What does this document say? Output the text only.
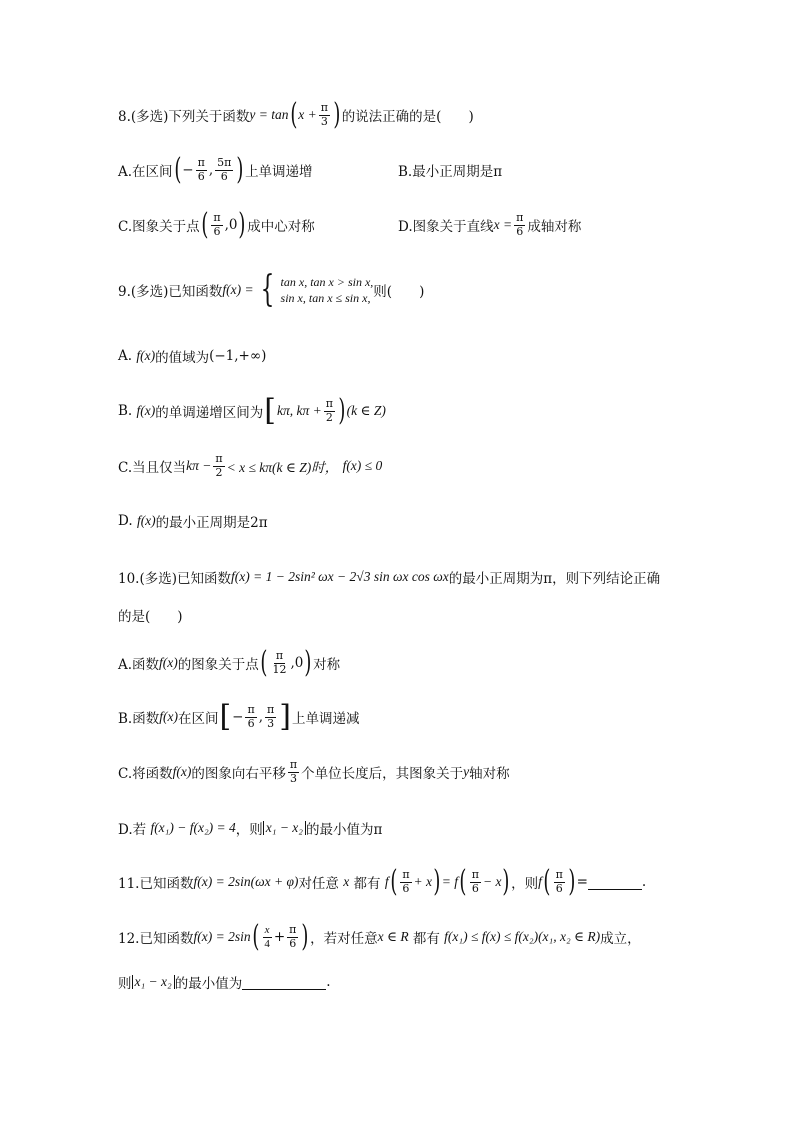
8.(多选)下列关于函数 y = tan ( $x + \frac{\pi}{3}$ ) 的说法正确的是(　　)
A.在区间 ( − $\frac{\pi}{6}$ , $\frac{5\pi}{6}$ ) 上单调递增	B.最小正周期是π
C.图象关于点 ( $\frac{\pi}{6} ,0$ ) 成中心对称	D.图象关于直线 $x = \frac{\pi}{6}$ 成轴对称
9.(多选)已知函数 f(x) = { tan x, tan x > sin x,
sin x, tan x ≤ sin x, 则(　　)
A.
f(x) 的值域为 (−1,+∞)
B.
f(x) 的单调递增区间为 [ kπ, $k\pi + \frac{\pi}{2}$ ) (k ∈ Z)
C.当且仅当 $k\pi - \frac{\pi}{2} < x \le k\pi(k$ ∈ Z)时，
f(x) ≤ 0
D.
f(x) 的最小正周期是2π
10.(多选)已知函数 f(x) = 1 − 2sin² ωx − 2√3 sin ωx cos ωx 的最小正周期为π，则下列结论正确
的是(　　)
A.函数 f(x) 的图象关于点 ( $\frac{\pi}{12} ,0$ ) 对称
B.函数 f(x) 在区间 [ − $\frac{\pi}{6}$ , $\frac{\pi}{3}$ ] 上单调递减
C.将函数 f(x) 的图象向右平移 $\frac{\pi}{3}$ 个单位长度后，其图象关于 y 轴对称
D.若
f(x₁) − f(x₂) = 4 ，则 x₁ − x₂ 的最小值为π
11.已知函数 f(x) = 2sin(ωx + φ) 对任意
x
都有
f ( $\frac{\pi}{6} + x$ ) = f ( $\frac{\pi}{6} - x$ ) ，则 f ( $\frac{\pi}{6}$ ) =	.
12.已知函数 f(x) = 2sin ( $\frac{x}{4} + \frac{\pi}{6}$ ) ，若对任意 x ∈ R
都有
f(x₁) ≤ f(x) ≤ f(x₂)(x₁, x₂ ∈ R) 成立，
则 x₁ − x₂ 的最小值为	.
